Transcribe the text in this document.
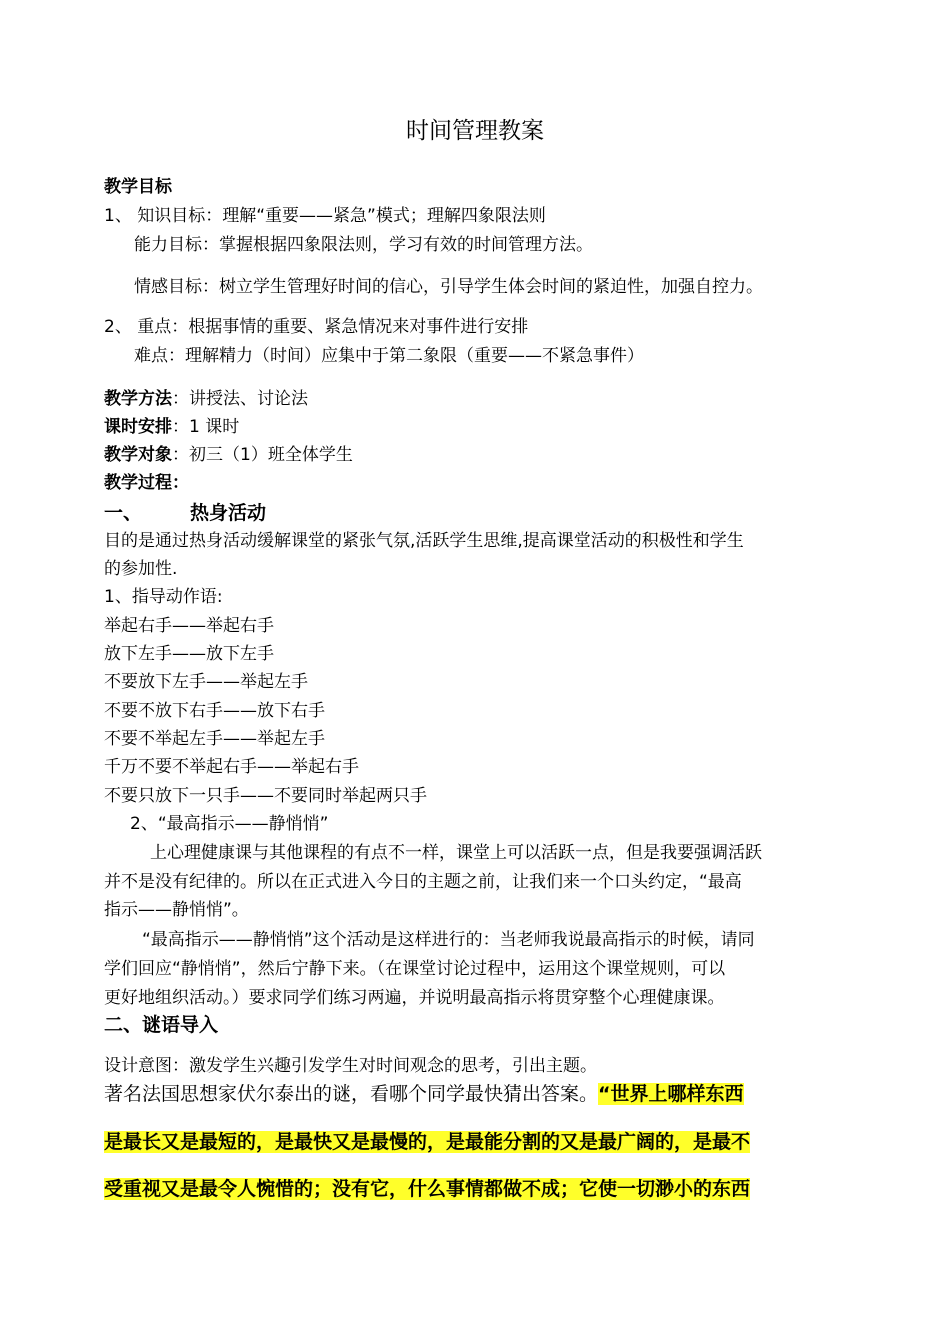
时间管理教案
教学目标
1、 知识目标：理解“重要——紧急”模式；理解四象限法则
能力目标：掌握根据四象限法则，学习有效的时间管理方法。
情感目标：树立学生管理好时间的信心，引导学生体会时间的紧迫性，加强自控力。
2、 重点：根据事情的重要、紧急情况来对事件进行安排
难点：理解精力（时间）应集中于第二象限（重要——不紧急事件）
教学方法：讲授法、讨论法
课时安排：1 课时
教学对象：初三（1）班全体学生
教学过程：
一、	热身活动
目的是通过热身活动缓解课堂的紧张气氛,活跃学生思维,提高课堂活动的积极性和学生
的参加性.
1、指导动作语:
举起右手——举起右手
放下左手——放下左手
不要放下左手——举起左手
不要不放下右手——放下右手
不要不举起左手——举起左手
千万不要不举起右手——举起右手
不要只放下一只手——不要同时举起两只手
2、“最高指示——静悄悄”
上心理健康课与其他课程的有点不一样，课堂上可以活跃一点，但是我要强调活跃
并不是没有纪律的。所以在正式进入今日的主题之前，让我们来一个口头约定，“最高
指示——静悄悄”。
“最高指示——静悄悄”这个活动是这样进行的：当老师我说最高指示的时候，请同
学们回应“静悄悄”，然后宁静下来。（在课堂讨论过程中，运用这个课堂规则，可以
更好地组织活动。）要求同学们练习两遍，并说明最高指示将贯穿整个心理健康课。
二、谜语导入
设计意图：激发学生兴趣引发学生对时间观念的思考，引出主题。
著名法国思想家伏尔泰出的谜，看哪个同学最快猜出答案。“世界上哪样东西
是最长又是最短的，是最快又是最慢的，是最能分割的又是最广阔的，是最不
受重视又是最令人惋惜的；没有它，什么事情都做不成；它使一切渺小的东西
